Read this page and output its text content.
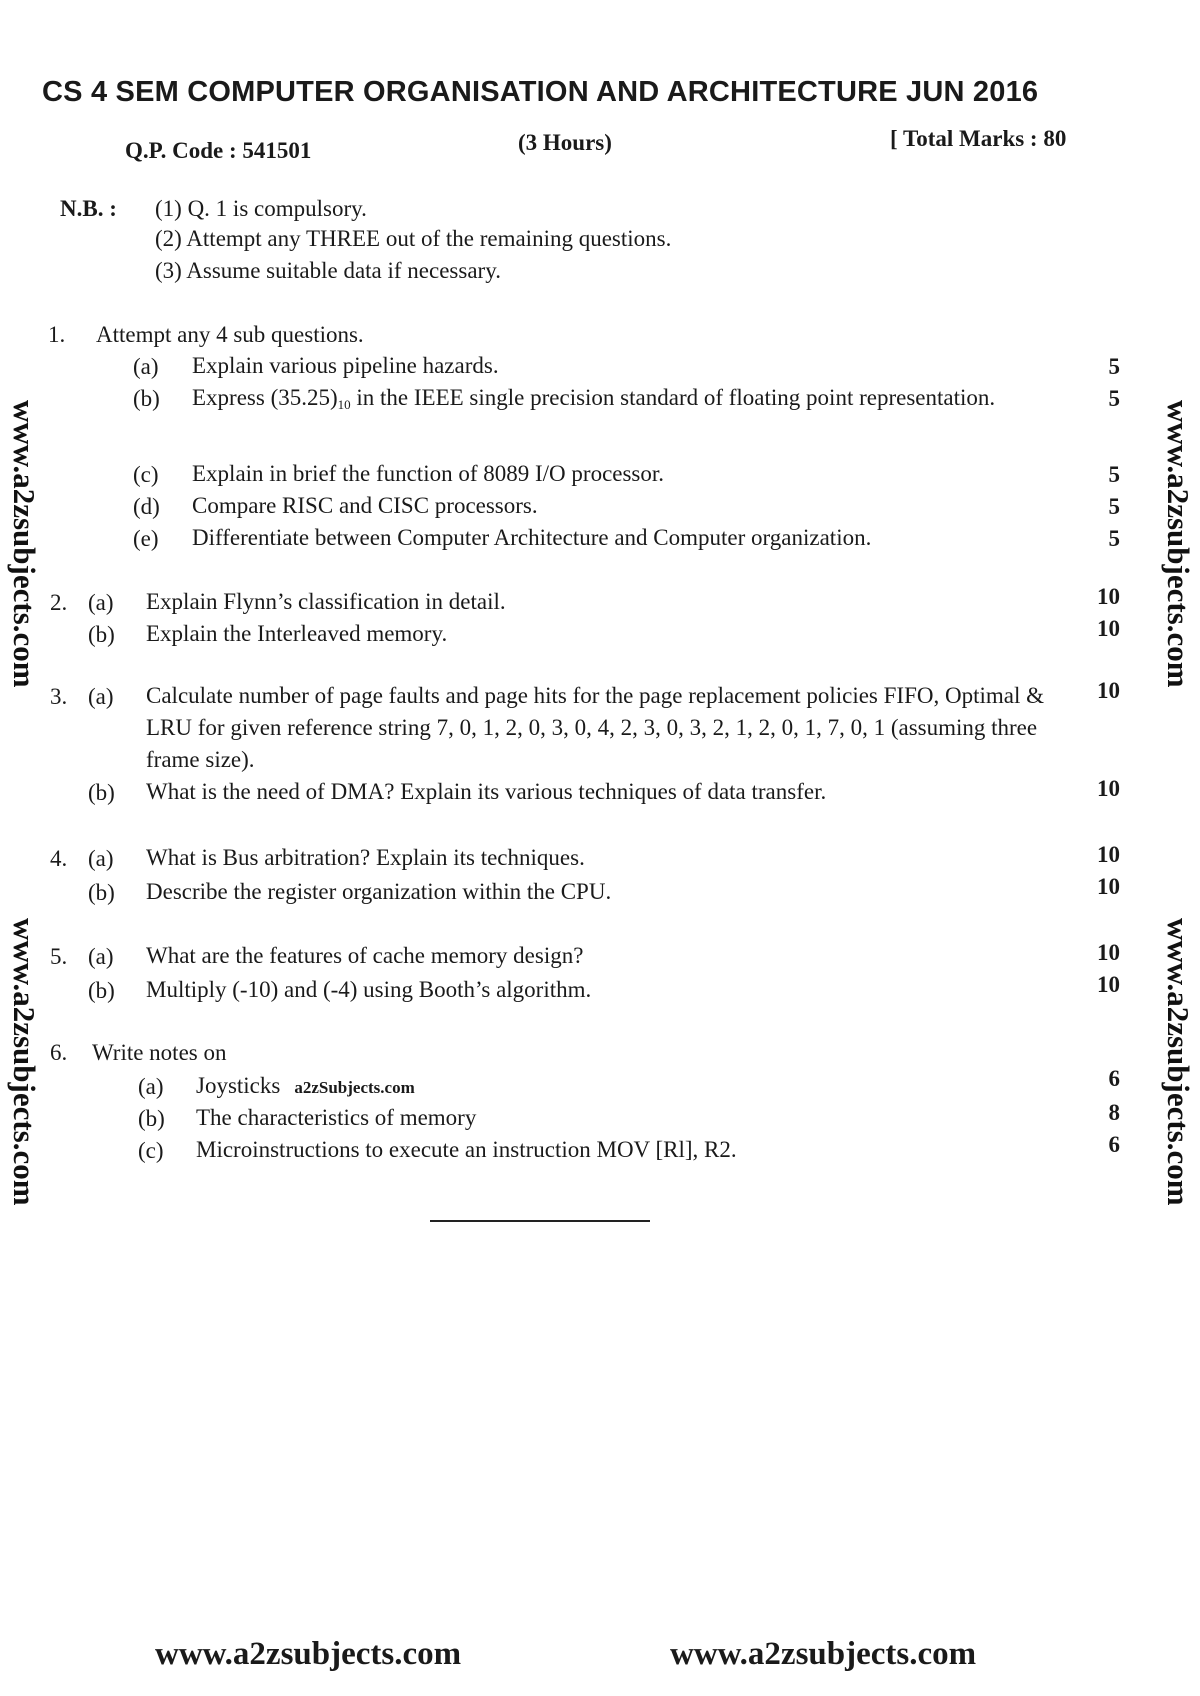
CS 4 SEM COMPUTER ORGANISATION AND ARCHITECTURE JUN 2016
Q.P. Code : 541501	(3 Hours)	[ Total Marks : 80
N.B. : (1) Q. 1 is compulsory.
(2) Attempt any THREE out of the remaining questions.
(3) Assume suitable data if necessary.
1. Attempt any 4 sub questions.
(a) Explain various pipeline hazards.	5
(b) Express (35.25)10 in the IEEE single precision standard of floating point representation.	5
(c) Explain in brief the function of 8089 I/O processor.	5
(d) Compare RISC and CISC processors.	5
(e) Differentiate between Computer Architecture and Computer organization.	5
2. (a) Explain Flynn’s classification in detail.	10
(b) Explain the Interleaved memory.	10
3. (a) Calculate number of page faults and page hits for the page replacement policies FIFO, Optimal & LRU for given reference string 7, 0, 1, 2, 0, 3, 0, 4, 2, 3, 0, 3, 2, 1, 2, 0, 1, 7, 0, 1 (assuming three frame size).
10
(b) What is the need of DMA? Explain its various techniques of data transfer.	10
4. (a) What is Bus arbitration? Explain its techniques.	10
(b) Describe the register organization within the CPU.	10
5. (a) What are the features of cache memory design?	10
(b) Multiply (-10) and (-4) using Booth’s algorithm.	10
6. Write notes on
(a) Joysticks a2zSubjects.com	6
(b) The characteristics of memory	8
(c) Microinstructions to execute an instruction MOV [Rl], R2.	6
www.a2zsubjects.com
www.a2zsubjects.com
www.a2zsubjects.com
www.a2zsubjects.com
www.a2zsubjects.com	www.a2zsubjects.com
